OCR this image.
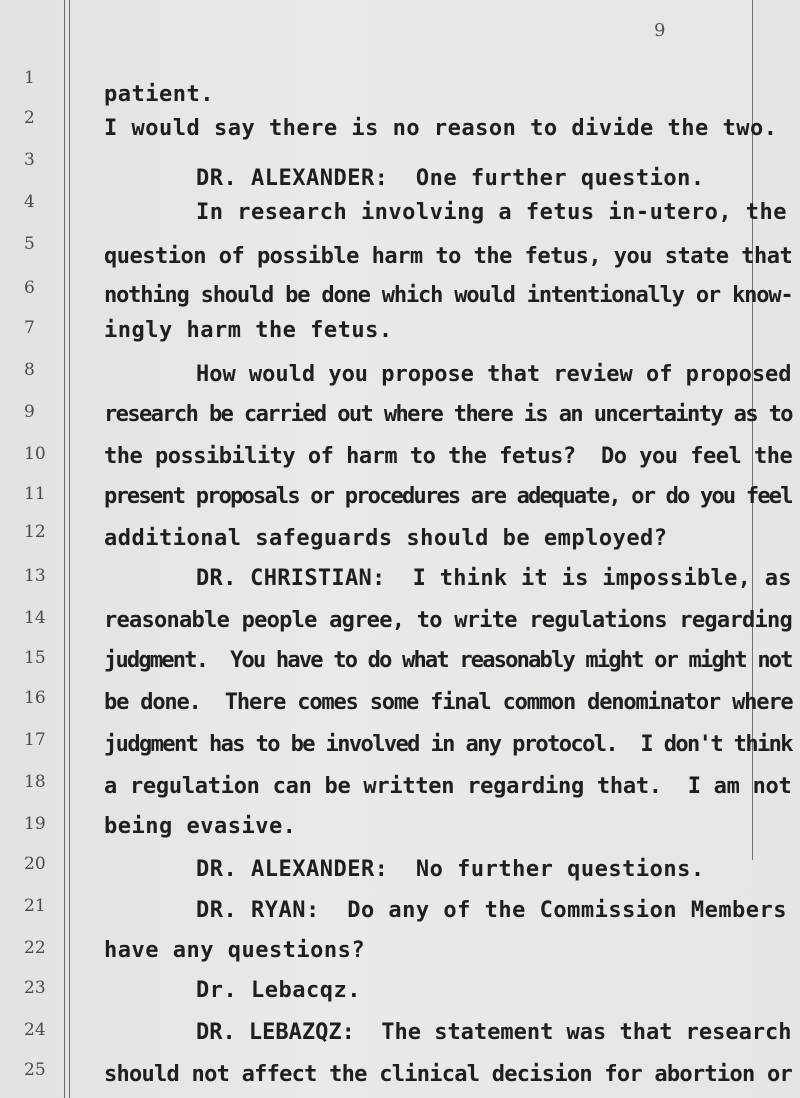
9
1
2
3
4
5
6
7
8
9
10
11
12
13
14
15
16
17
18
19
20
21
22
23
24
25
patient.
I would say there is no reason to divide the two.
DR. ALEXANDER:  One further question.
In research involving a fetus in-utero, the
question of possible harm to the fetus, you state that
nothing should be done which would intentionally or know-
ingly harm the fetus.
How would you propose that review of proposed
research be carried out where there is an uncertainty as to
the possibility of harm to the fetus?  Do you feel the
present proposals or procedures are adequate, or do you feel
additional safeguards should be employed?
DR. CHRISTIAN:  I think it is impossible, as
reasonable people agree, to write regulations regarding
judgment.  You have to do what reasonably might or might not
be done.  There comes some final common denominator where
judgment has to be involved in any protocol.  I don't think
a regulation can be written regarding that.  I am not
being evasive.
DR. ALEXANDER:  No further questions.
DR. RYAN:  Do any of the Commission Members
have any questions?
Dr. Lebacqz.
DR. LEBAZQZ:  The statement was that research
should not affect the clinical decision for abortion or
